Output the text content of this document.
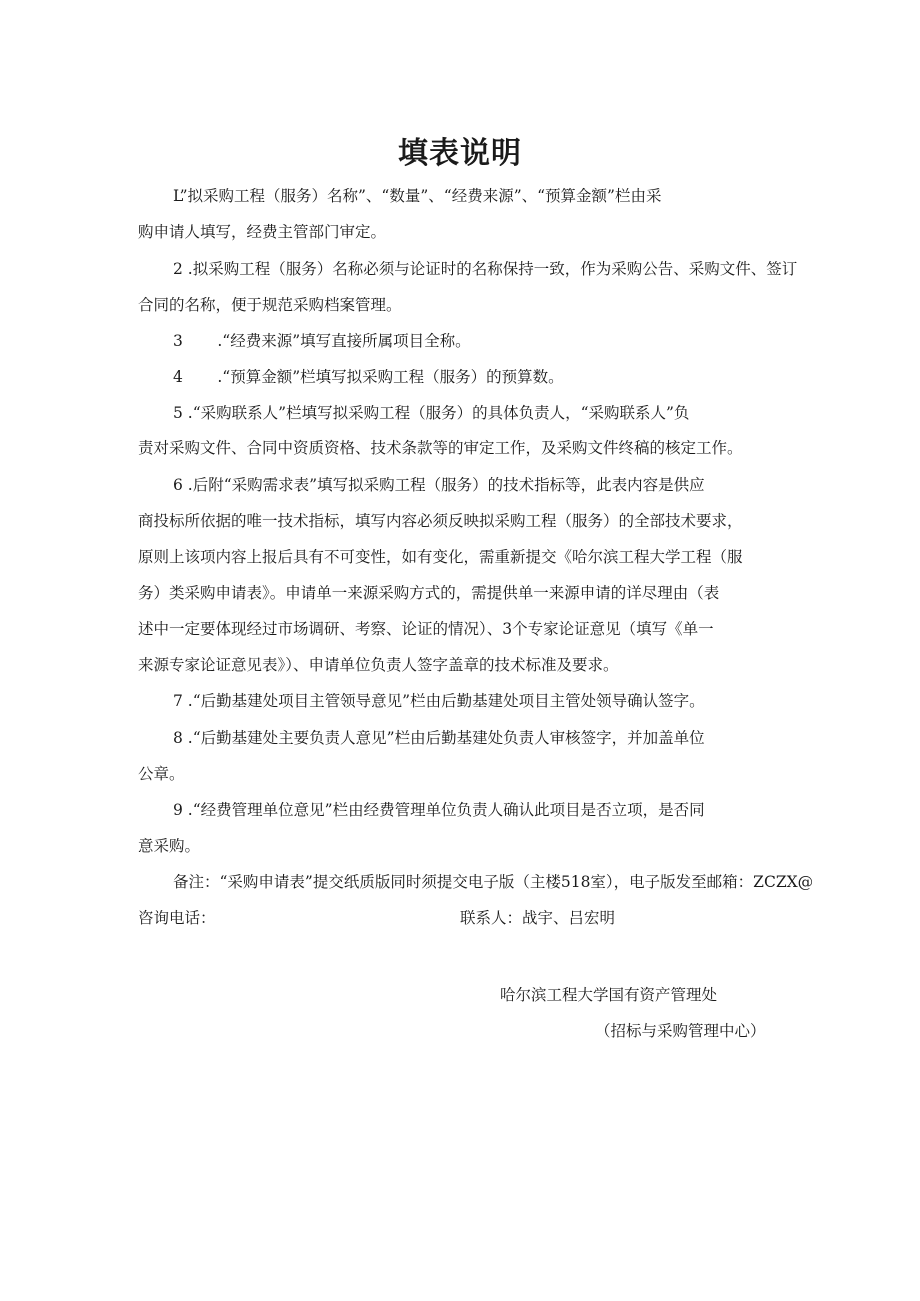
填表说明
L”拟采购工程（服务）名称”、“数量”、“经费来源”、“预算金额”栏由采
购申请人填写，经费主管部门审定。
2 .拟采购工程（服务）名称必须与论证时的名称保持一致，作为采购公告、采购文件、签订
合同的名称，便于规范采购档案管理。
3       .“经费来源”填写直接所属项目全称。
4       .“预算金额”栏填写拟采购工程（服务）的预算数。
5 .“采购联系人”栏填写拟采购工程（服务）的具体负责人，“采购联系人”负
责对采购文件、合同中资质资格、技术条款等的审定工作，及采购文件终稿的核定工作。
6 .后附“采购需求表”填写拟采购工程（服务）的技术指标等，此表内容是供应
商投标所依据的唯一技术指标，填写内容必须反映拟采购工程（服务）的全部技术要求，
原则上该项内容上报后具有不可变性，如有变化，需重新提交《哈尔滨工程大学工程（服
务）类采购申请表》。申请单一来源采购方式的，需提供单一来源申请的详尽理由（表
述中一定要体现经过市场调研、考察、论证的情况）、3个专家论证意见（填写《单一
来源专家论证意见表》）、申请单位负责人签字盖章的技术标准及要求。
7 .“后勤基建处项目主管领导意见”栏由后勤基建处项目主管处领导确认签字。
8 .“后勤基建处主要负责人意见”栏由后勤基建处负责人审核签字，并加盖单位
公章。
9 .“经费管理单位意见”栏由经费管理单位负责人确认此项目是否立项，是否同
意采购。
备注：“采购申请表”提交纸质版同时须提交电子版（主楼518室），电子版发至邮箱：ZCZX@
咨询电话：	联系人：战宇、吕宏明
哈尔滨工程大学国有资产管理处
（招标与采购管理中心）
